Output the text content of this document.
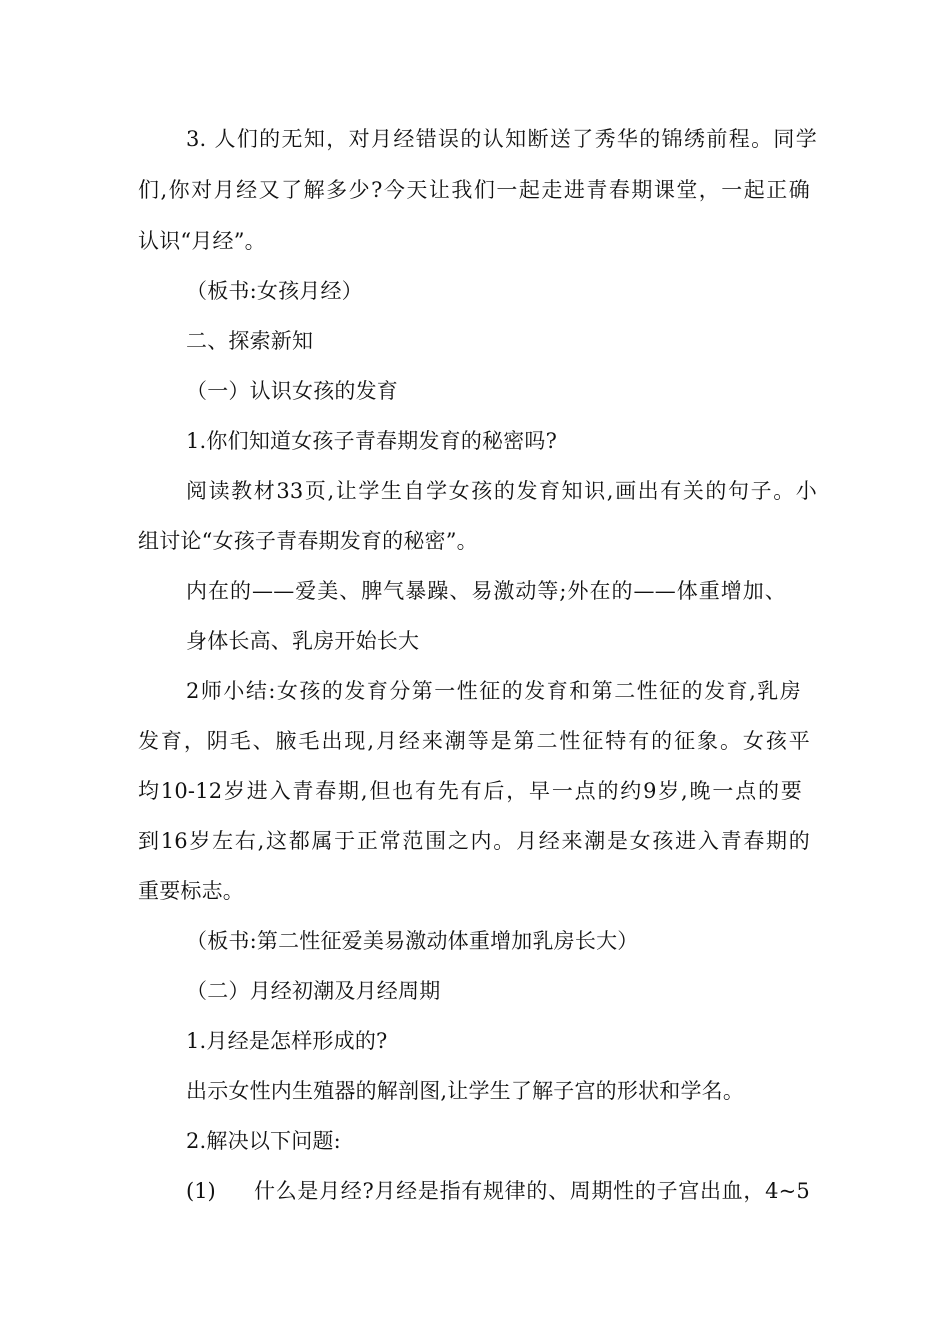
3. 人们的无知，对月经错误的认知断送了秀华的锦绣前程。同学
们,你对月经又了解多少?今天让我们一起走进青春期课堂，一起正确
认识“月经”。
（板书:女孩月经）
二、探索新知
（一）认识女孩的发育
1.你们知道女孩子青春期发育的秘密吗?
阅读教材33页,让学生自学女孩的发育知识,画出有关的句子。小
组讨论“女孩子青春期发育的秘密”。
内在的——爱美、脾气暴躁、易激动等;外在的——体重增加、
身体长高、乳房开始长大
2师小结:女孩的发育分第一性征的发育和第二性征的发育,乳房
发育，阴毛、腋毛出现,月经来潮等是第二性征特有的征象。女孩平
均10-12岁进入青春期,但也有先有后，早一点的约9岁,晚一点的要
到16岁左右,这都属于正常范围之内。月经来潮是女孩进入青春期的
重要标志。
（板书:第二性征爱美易激动体重增加乳房长大）
（二）月经初潮及月经周期
1.月经是怎样形成的?
出示女性内生殖器的解剖图,让学生了解子宫的形状和学名。
2.解决以下问题:
(1) 什么是月经?月经是指有规律的、周期性的子宫出血，4~5
